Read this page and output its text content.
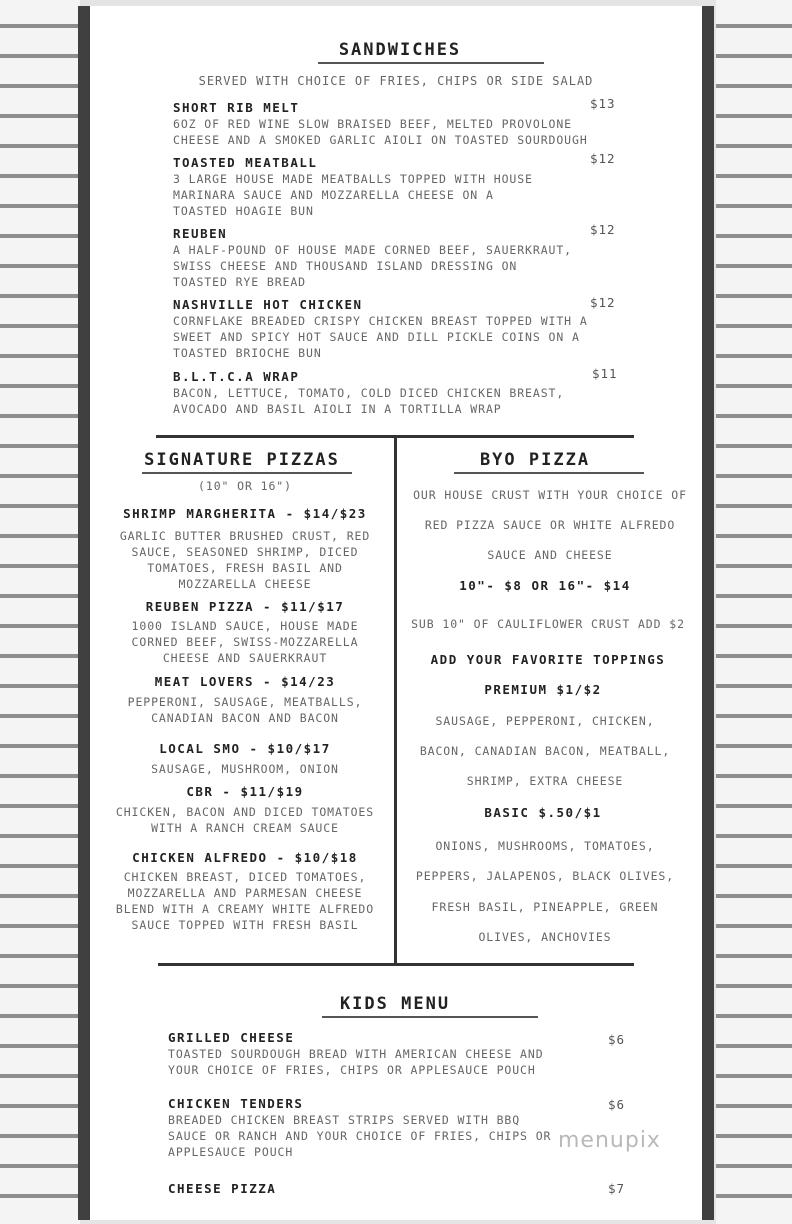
SANDWICHES
SERVED WITH CHOICE OF FRIES, CHIPS OR SIDE SALAD
SHORT RIB MELT	$13
6OZ OF RED WINE SLOW BRAISED BEEF, MELTED PROVOLONE
CHEESE AND A SMOKED GARLIC AIOLI ON TOASTED SOURDOUGH
TOASTED MEATBALL	$12
3 LARGE HOUSE MADE MEATBALLS TOPPED WITH HOUSE
MARINARA SAUCE AND MOZZARELLA CHEESE ON A
TOASTED HOAGIE BUN
REUBEN	$12
A HALF-POUND OF HOUSE MADE CORNED BEEF, SAUERKRAUT,
SWISS CHEESE AND THOUSAND ISLAND DRESSING ON
TOASTED RYE BREAD
NASHVILLE HOT CHICKEN	$12
CORNFLAKE BREADED CRISPY CHICKEN BREAST TOPPED WITH A
SWEET AND SPICY HOT SAUCE AND DILL PICKLE COINS ON A
TOASTED BRIOCHE BUN
B.L.T.C.A WRAP	$11
BACON, LETTUCE, TOMATO, COLD DICED CHICKEN BREAST,
AVOCADO AND BASIL AIOLI IN A TORTILLA WRAP
SIGNATURE PIZZAS
(10" OR 16")
SHRIMP MARGHERITA - $14/$23
GARLIC BUTTER BRUSHED CRUST, RED
SAUCE, SEASONED SHRIMP, DICED
TOMATOES, FRESH BASIL AND
MOZZARELLA CHEESE
REUBEN PIZZA - $11/$17
1000 ISLAND SAUCE, HOUSE MADE
CORNED BEEF, SWISS-MOZZARELLA
CHEESE AND SAUERKRAUT
MEAT LOVERS - $14/23
PEPPERONI, SAUSAGE, MEATBALLS,
CANADIAN BACON AND BACON
LOCAL SMO - $10/$17
SAUSAGE, MUSHROOM, ONION
CBR - $11/$19
CHICKEN, BACON AND DICED TOMATOES
WITH A RANCH CREAM SAUCE
CHICKEN ALFREDO - $10/$18
CHICKEN BREAST, DICED TOMATOES,
MOZZARELLA AND PARMESAN CHEESE
BLEND WITH A CREAMY WHITE ALFREDO
SAUCE TOPPED WITH FRESH BASIL
BYO PIZZA
OUR HOUSE CRUST WITH YOUR CHOICE OF
RED PIZZA SAUCE OR WHITE ALFREDO
SAUCE AND CHEESE
10"- $8 OR 16"- $14
SUB 10" OF CAULIFLOWER CRUST ADD $2
ADD YOUR FAVORITE TOPPINGS
PREMIUM $1/$2
SAUSAGE, PEPPERONI, CHICKEN,
BACON, CANADIAN BACON, MEATBALL,
SHRIMP, EXTRA CHEESE
BASIC $.50/$1
ONIONS, MUSHROOMS, TOMATOES,
PEPPERS, JALAPENOS, BLACK OLIVES,
FRESH BASIL, PINEAPPLE, GREEN
OLIVES, ANCHOVIES
KIDS MENU
GRILLED CHEESE	$6
TOASTED SOURDOUGH BREAD WITH AMERICAN CHEESE AND
YOUR CHOICE OF FRIES, CHIPS OR APPLESAUCE POUCH
CHICKEN TENDERS	$6
BREADED CHICKEN BREAST STRIPS SERVED WITH BBQ
SAUCE OR RANCH AND YOUR CHOICE OF FRIES, CHIPS OR
APPLESAUCE POUCH
CHEESE PIZZA	$7
menupix
